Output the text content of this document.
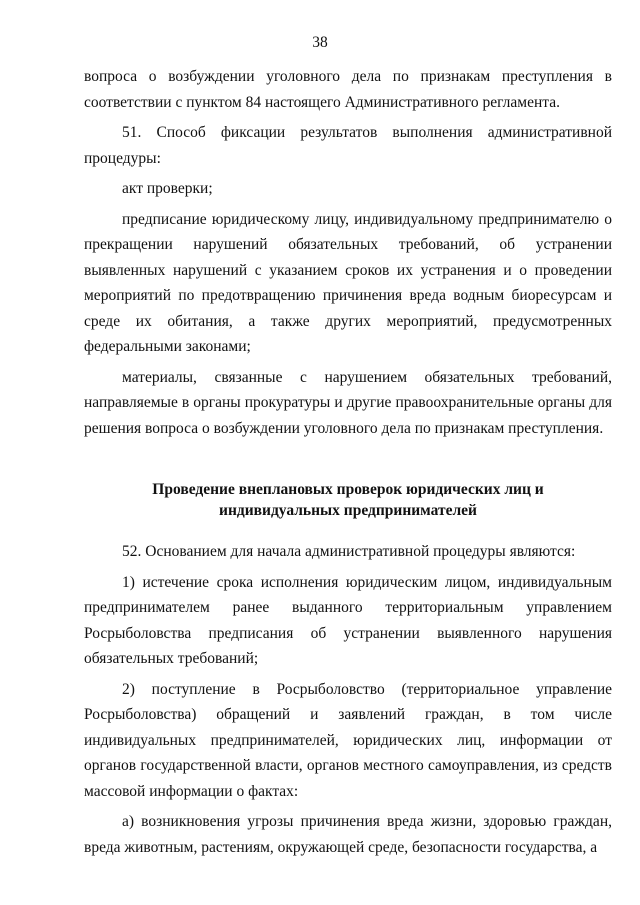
38

вопроса о возбуждении уголовного дела по признакам преступления в соответствии с пунктом 84 настоящего Административного регламента.

51. Способ фиксации результатов выполнения административной процедуры:

акт проверки;

предписание юридическому лицу, индивидуальному предпринимателю о прекращении нарушений обязательных требований, об устранении выявленных нарушений с указанием сроков их устранения и о проведении мероприятий по предотвращению причинения вреда водным биоресурсам и среде их обитания, а также других мероприятий, предусмотренных федеральными законами;

материалы, связанные с нарушением обязательных требований, направляемые в органы прокуратуры и другие правоохранительные органы для решения вопроса о возбуждении уголовного дела по признакам преступления.

Проведение внеплановых проверок юридических лиц и индивидуальных предпринимателей

52. Основанием для начала административной процедуры являются:

1) истечение срока исполнения юридическим лицом, индивидуальным предпринимателем ранее выданного территориальным управлением Росрыболовства предписания об устранении выявленного нарушения обязательных требований;

2) поступление в Росрыболовство (территориальное управление Росрыболовства) обращений и заявлений граждан, в том числе индивидуальных предпринимателей, юридических лиц, информации от органов государственной власти, органов местного самоуправления, из средств массовой информации о фактах:

а) возникновения угрозы причинения вреда жизни, здоровью граждан, вреда животным, растениям, окружающей среде, безопасности государства, а
